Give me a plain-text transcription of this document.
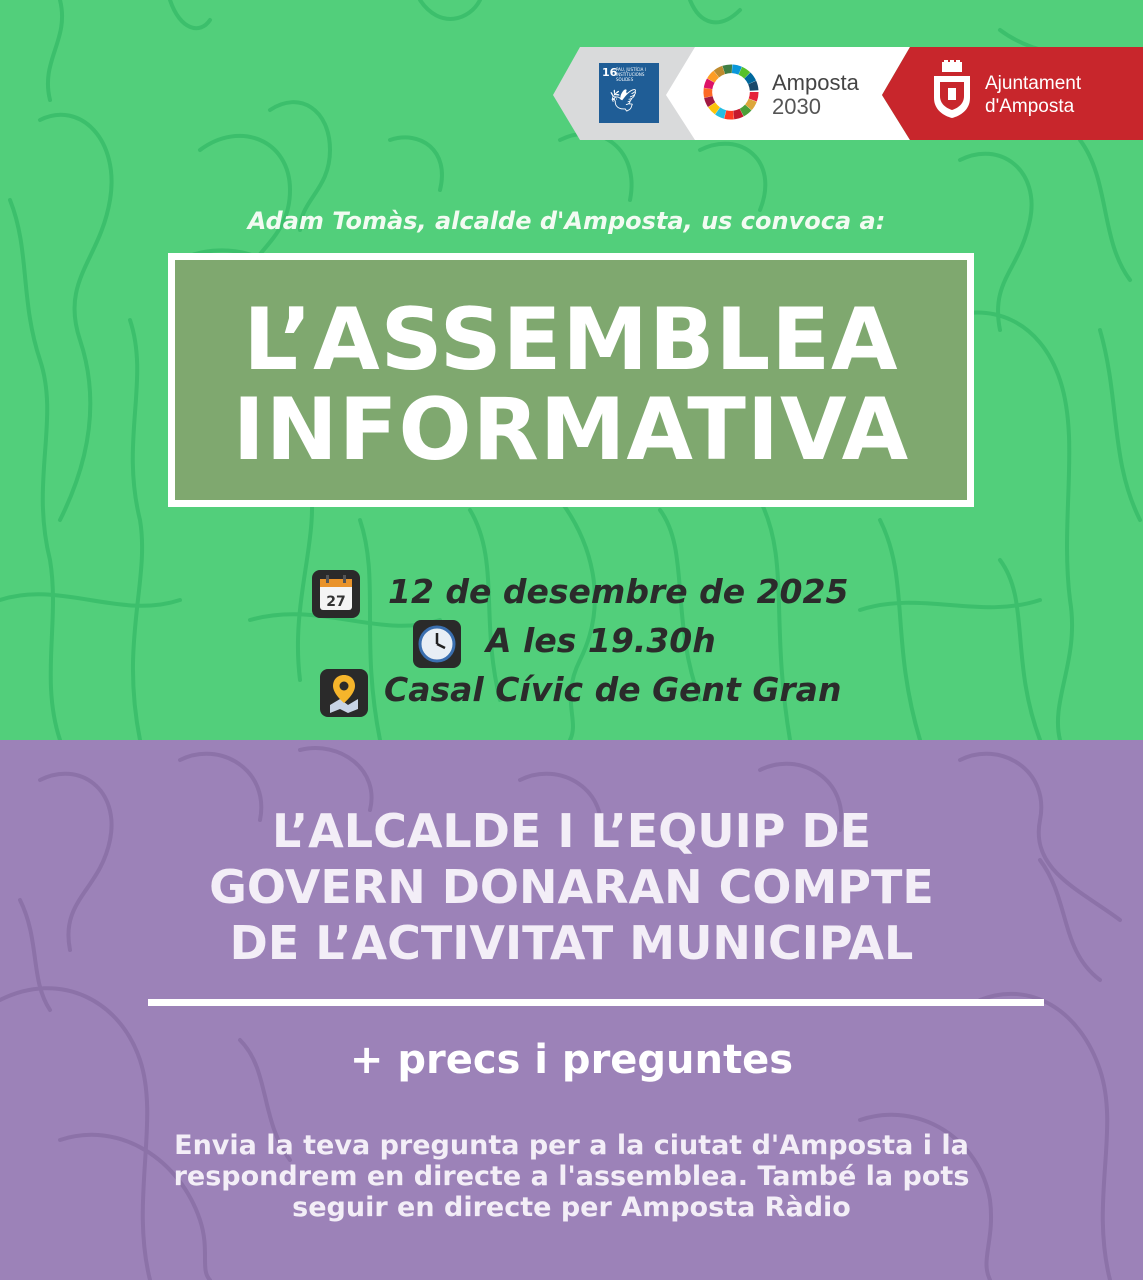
16
PAU, JUSTÍCIA I INSTITUCIONS SÒLIDES
🕊
Amposta
2030
Ajuntament
d'Amposta
Adam Tomàs, alcalde d'Amposta, us convoca a:
L’ASSEMBLEA
INFORMATIVA
27 12 de desembre de 2025
A les 19.30h
Casal Cívic de Gent Gran
L’ALCALDE I L’EQUIP DE
GOVERN DONARAN COMPTE
DE L’ACTIVITAT MUNICIPAL
+ precs i preguntes
Envia la teva pregunta per a la ciutat d'Amposta i la
respondrem en directe a l'assemblea. També la pots
seguir en directe per Amposta Ràdio
